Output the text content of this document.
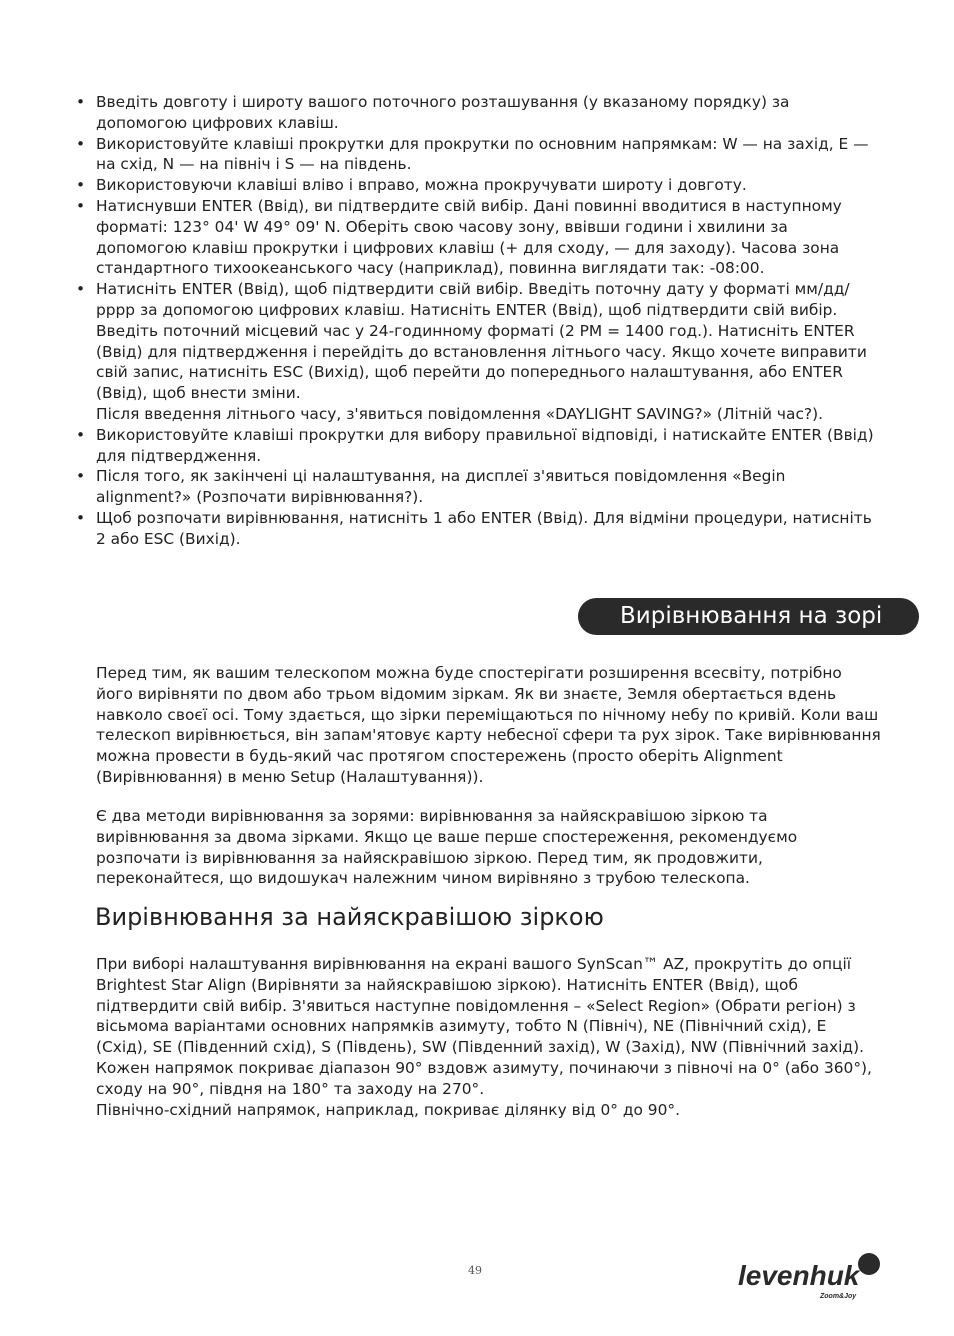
• Введіть довготу і широту вашого поточного розташування (у вказаному порядку) за допомогою цифрових клавіш.
• Використовуйте клавіші прокрутки для прокрутки по основним напрямкам: W — на захід, E — на схід, N — на північ і S — на південь.
• Використовуючи клавіші вліво і вправо, можна прокручувати широту і довготу.
• Натиснувши ENTER (Ввід), ви підтвердите свій вибір. Дані повинні вводитися в наступному форматі: 123° 04' W 49° 09' N. Оберіть свою часову зону, ввівши години і хвилини за допомогою клавіш прокрутки і цифрових клавіш (+ для сходу, — для заходу). Часова зона стандартного тихоокеанського часу (наприклад), повинна виглядати так: -08:00.
• Натисніть ENTER (Ввід), щоб підтвердити свій вибір. Введіть поточну дату у форматі мм/дд/рррр за допомогою цифрових клавіш. Натисніть ENTER (Ввід), щоб підтвердити свій вибір. Введіть поточний місцевий час у 24-годинному форматі (2 PM = 1400 год.). Натисніть ENTER (Ввід) для підтвердження і перейдіть до встановлення літнього часу. Якщо хочете виправити свій запис, натисніть ESC (Вихід), щоб перейти до попереднього налаштування, або ENTER (Ввід), щоб внести зміни.
Після введення літнього часу, з'явиться повідомлення «DAYLIGHT SAVING?» (Літній час?).
• Використовуйте клавіші прокрутки для вибору правильної відповіді, і натискайте ENTER (Ввід) для підтвердження.
• Після того, як закінчені ці налаштування, на дисплеї з'явиться повідомлення «Begin alignment?» (Розпочати вирівнювання?).
• Щоб розпочати вирівнювання, натисніть 1 або ENTER (Ввід). Для відміни процедури, натисніть 2 або ESC (Вихід).
Вирівнювання на зорі

Перед тим, як вашим телескопом можна буде спостерігати розширення всесвіту, потрібно його вирівняти по двом або трьом відомим зіркам. Як ви знаєте, Земля обертається вдень навколо своєї осі. Тому здається, що зірки переміщаються по нічному небу по кривій. Коли ваш телескоп вирівнюється, він запам'ятовує карту небесної сфери та рух зірок. Таке вирівнювання можна провести в будь-який час протягом спостережень (просто оберіть Alignment (Вирівнювання) в меню Setup (Налаштування)).

Є два методи вирівнювання за зорями: вирівнювання за найяскравішою зіркою та вирівнювання за двома зірками. Якщо це ваше перше спостереження, рекомендуємо розпочати із вирівнювання за найяскравішою зіркою. Перед тим, як продовжити, переконайтеся, що видошукач належним чином вирівняно з трубою телескопа.

Вирівнювання за найяскравішою зіркою
При виборі налаштування вирівнювання на екрані вашого SynScan™ AZ, прокрутіть до опції Brightest Star Align (Вирівняти за найяскравішою зіркою). Натисніть ENTER (Ввід), щоб підтвердити свій вибір. З'явиться наступне повідомлення – «Select Region» (Обрати регіон) з вісьмома варіантами основних напрямків азимуту, тобто N (Північ), NE (Північний схід), E (Схід), SE (Південний схід), S (Південь), SW (Південний захід), W (Захід), NW (Північний захід). Кожен напрямок покриває діапазон 90° вздовж азимуту, починаючи з півночі на 0° (або 360°), сходу на 90°, півдня на 180° та заходу на 270°.
Північно-східний напрямок, наприклад, покриває ділянку від 0° до 90°.
49	levenhuk
Zoom&Joy
